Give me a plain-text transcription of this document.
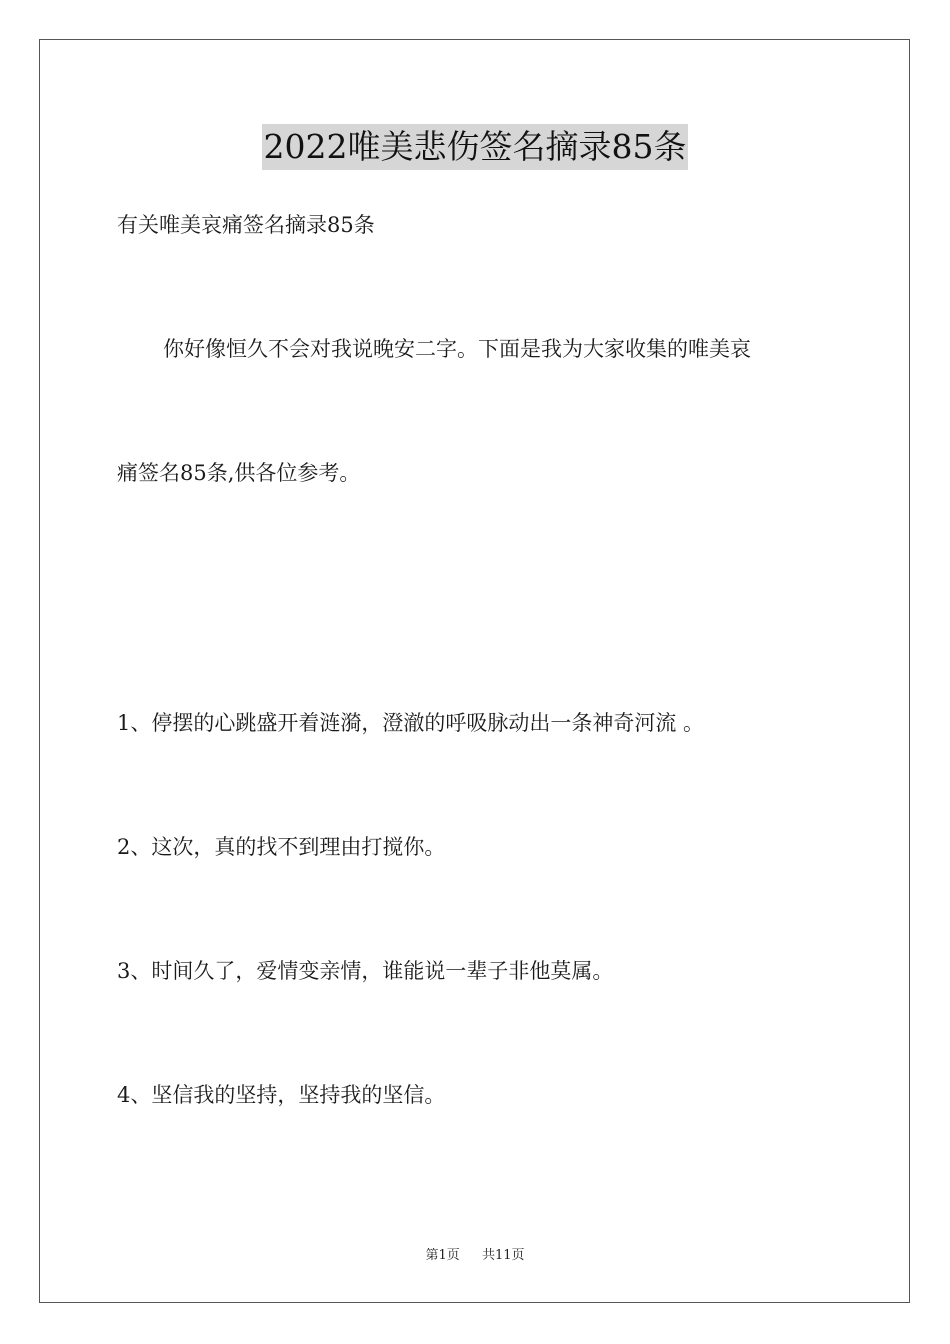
2022唯美悲伤签名摘录85条
有关唯美哀痛签名摘录85条
你好像恒久不会对我说晚安二字。下面是我为大家收集的唯美哀
痛签名85条,供各位参考。
1、停摆的心跳盛开着涟漪，澄澈的呼吸脉动出一条神奇河流 。
2、这次，真的找不到理由打搅你。
3、时间久了，爱情变亲情，谁能说一辈子非他莫属。
4、坚信我的坚持，坚持我的坚信。
第1页 共11页
